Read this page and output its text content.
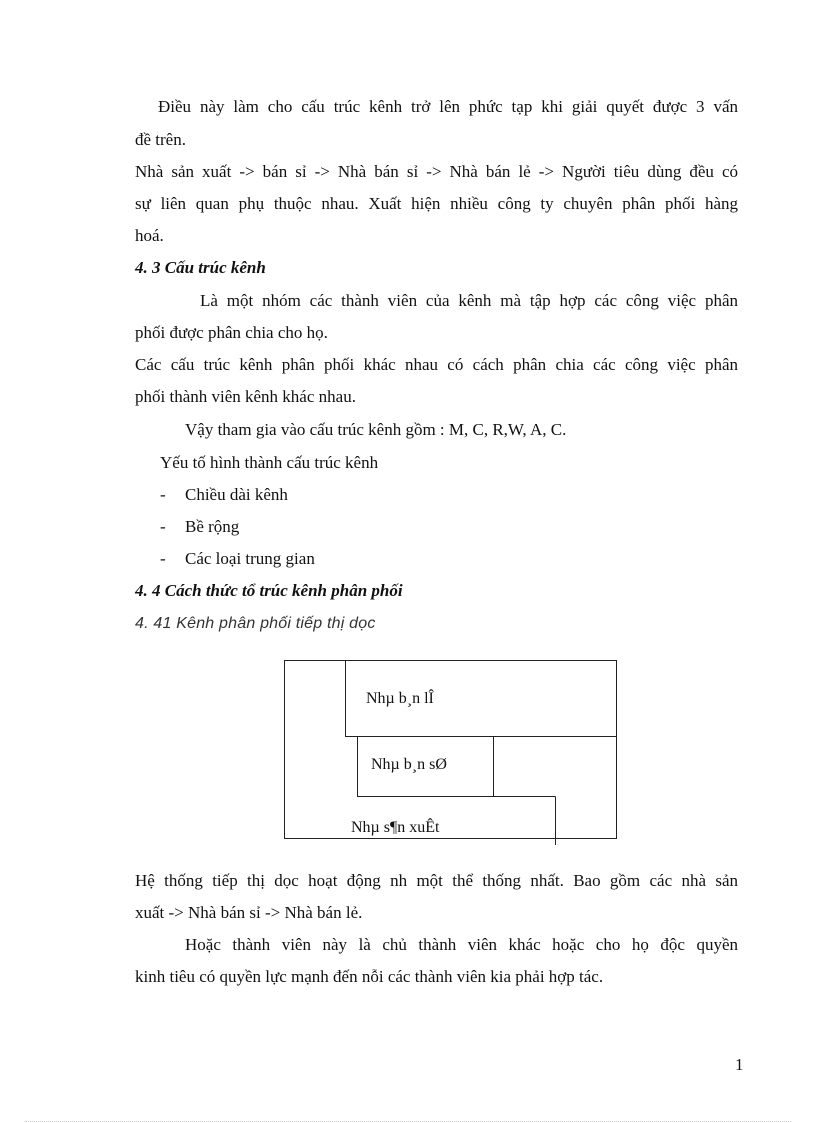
Điều này làm cho cấu trúc kênh trở lên phức tạp khi giải quyết được 3 vấn
đề trên.
Nhà sản xuất -> bán sỉ -> Nhà bán sỉ -> Nhà bán lẻ -> Người tiêu dùng đều có
sự liên quan phụ thuộc nhau. Xuất hiện nhiều công ty chuyên phân phối hàng
hoá.
4. 3 Cấu trúc kênh
Là một nhóm các thành viên của kênh mà tập hợp các công việc phân
phối được phân chia cho họ.
Các cấu trúc kênh phân phối khác nhau có cách phân chia các công việc phân
phối thành viên kênh khác nhau.
Vậy tham gia vào cấu trúc kênh gồm : M, C, R,W, A, C.
Yếu tố hình thành cấu trúc kênh
- Chiều dài kênh
- Bề rộng
- Các loại trung gian
4. 4 Cách thức tổ trúc kênh phân phối
4. 41 Kênh phân phối tiếp thị dọc
Nhµ b¸n lÎ
Nhµ b¸n sØ
Nhµ s¶n xuÊt
Hệ thống tiếp thị dọc hoạt động nh một thể thống nhất. Bao gồm các nhà sản
xuất -> Nhà bán sỉ -> Nhà bán lẻ.
Hoặc thành viên này là chủ thành viên khác hoặc cho họ độc quyền
kinh tiêu có quyền lực mạnh đến nỗi các thành viên kia phải hợp tác.
1
